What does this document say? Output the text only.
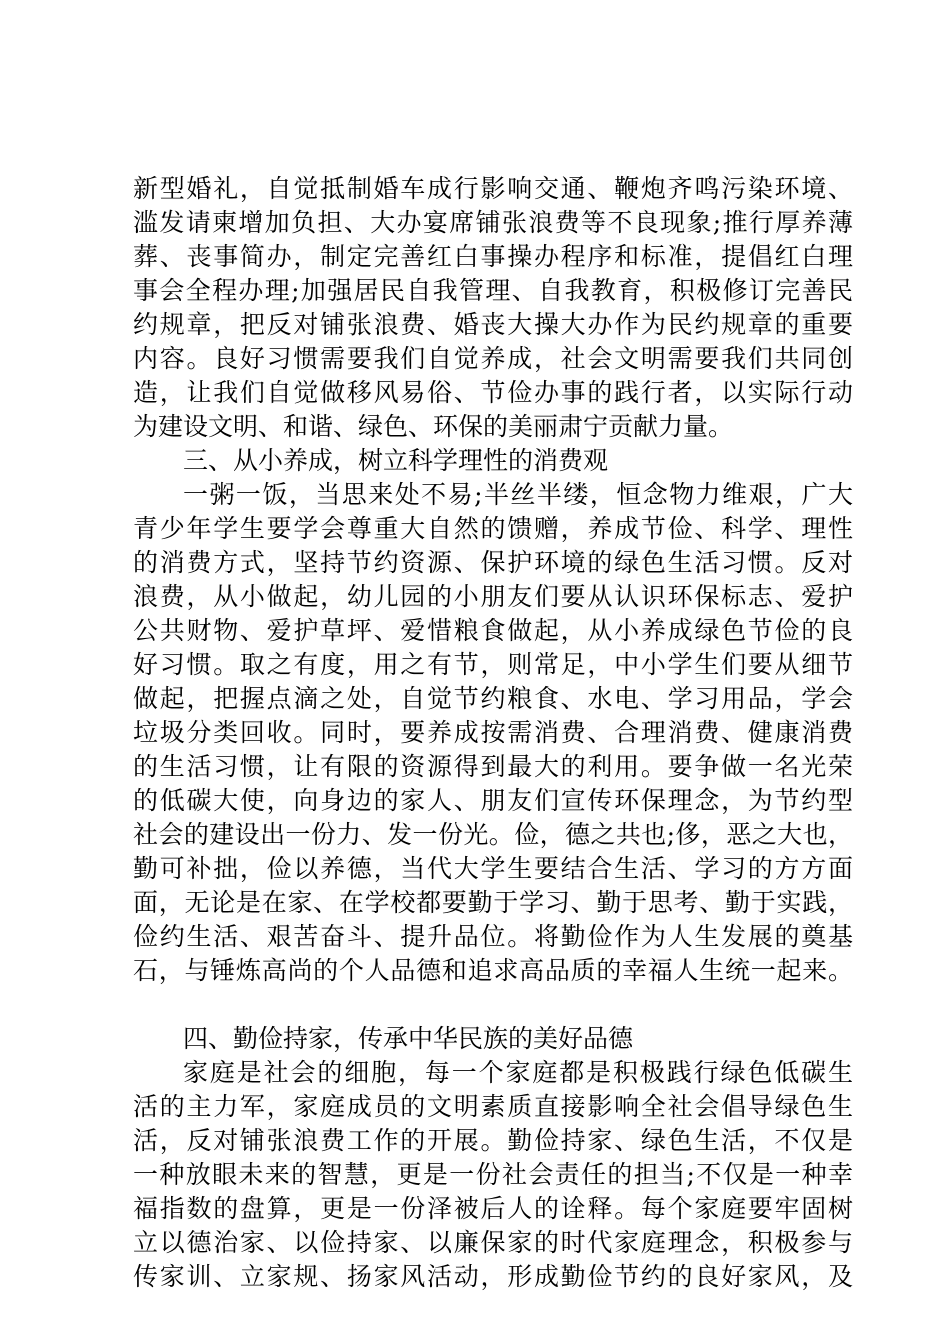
新型婚礼，自觉抵制婚车成行影响交通、鞭炮齐鸣污染环境、
滥发请柬增加负担、大办宴席铺张浪费等不良现象;推行厚养薄
葬、丧事简办，制定完善红白事操办程序和标准，提倡红白理
事会全程办理;加强居民自我管理、自我教育，积极修订完善民
约规章，把反对铺张浪费、婚丧大操大办作为民约规章的重要
内容。良好习惯需要我们自觉养成，社会文明需要我们共同创
造，让我们自觉做移风易俗、节俭办事的践行者，以实际行动
为建设文明、和谐、绿色、环保的美丽肃宁贡献力量。
三、从小养成，树立科学理性的消费观
一粥一饭，当思来处不易;半丝半缕，恒念物力维艰，广大
青少年学生要学会尊重大自然的馈赠，养成节俭、科学、理性
的消费方式，坚持节约资源、保护环境的绿色生活习惯。反对
浪费，从小做起，幼儿园的小朋友们要从认识环保标志、爱护
公共财物、爱护草坪、爱惜粮食做起，从小养成绿色节俭的良
好习惯。取之有度，用之有节，则常足，中小学生们要从细节
做起，把握点滴之处，自觉节约粮食、水电、学习用品，学会
垃圾分类回收。同时，要养成按需消费、合理消费、健康消费
的生活习惯，让有限的资源得到最大的利用。要争做一名光荣
的低碳大使，向身边的家人、朋友们宣传环保理念，为节约型
社会的建设出一份力、发一份光。俭，德之共也;侈，恶之大也，
勤可补拙，俭以养德，当代大学生要结合生活、学习的方方面
面，无论是在家、在学校都要勤于学习、勤于思考、勤于实践，
俭约生活、艰苦奋斗、提升品位。将勤俭作为人生发展的奠基
石，与锤炼高尚的个人品德和追求高品质的幸福人生统一起来。
四、勤俭持家，传承中华民族的美好品德
家庭是社会的细胞，每一个家庭都是积极践行绿色低碳生
活的主力军，家庭成员的文明素质直接影响全社会倡导绿色生
活，反对铺张浪费工作的开展。勤俭持家、绿色生活，不仅是
一种放眼未来的智慧，更是一份社会责任的担当;不仅是一种幸
福指数的盘算，更是一份泽被后人的诠释。每个家庭要牢固树
立以德治家、以俭持家、以廉保家的时代家庭理念，积极参与
传家训、立家规、扬家风活动，形成勤俭节约的良好家风，及
